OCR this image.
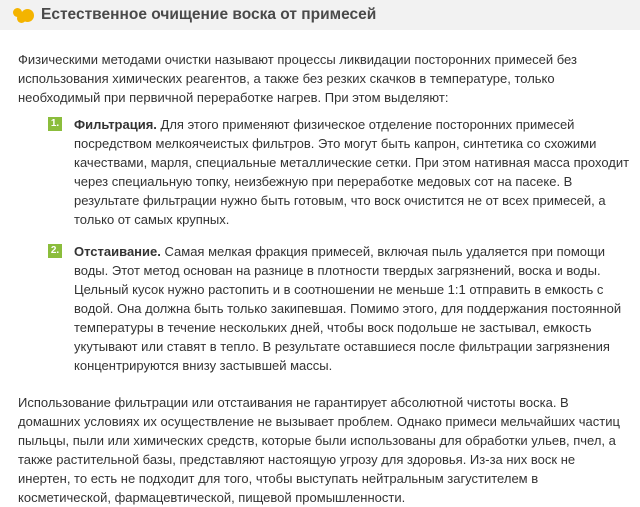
Естественное очищение воска от примесей

Физическими методами очистки называют процессы ликвидации посторонних примесей без использования химических реагентов, а также без резких скачков в температуре, только необходимый при первичной переработке нагрев. При этом выделяют:

1. Фильтрация. Для этого применяют физическое отделение посторонних примесей посредством мелкоячеистых фильтров. Это могут быть капрон, синтетика со схожими качествами, марля, специальные металлические сетки. При этом нативная масса проходит через специальную топку, неизбежную при переработке медовых сот на пасеке. В результате фильтрации нужно быть готовым, что воск очистится не от всех примесей, а только от самых крупных.

2. Отстаивание. Самая мелкая фракция примесей, включая пыль удаляется при помощи воды. Этот метод основан на разнице в плотности твердых загрязнений, воска и воды. Цельный кусок нужно растопить и в соотношении не меньше 1:1 отправить в емкость с водой. Она должна быть только закипевшая. Помимо этого, для поддержания постоянной температуры в течение нескольких дней, чтобы воск подольше не застывал, емкость укутывают или ставят в тепло. В результате оставшиеся после фильтрации загрязнения концентрируются внизу застывшей массы.

Использование фильтрации или отстаивания не гарантирует абсолютной чистоты воска. В домашних условиях их осуществление не вызывает проблем. Однако примеси мельчайших частиц пыльцы, пыли или химических средств, которые были использованы для обработки ульев, пчел, а также растительной базы, представляют настоящую угрозу для здоровья. Из-за них воск не инертен, то есть не подходит для того, чтобы выступать нейтральным загустителем в косметической, фармацевтической, пищевой промышленности.
